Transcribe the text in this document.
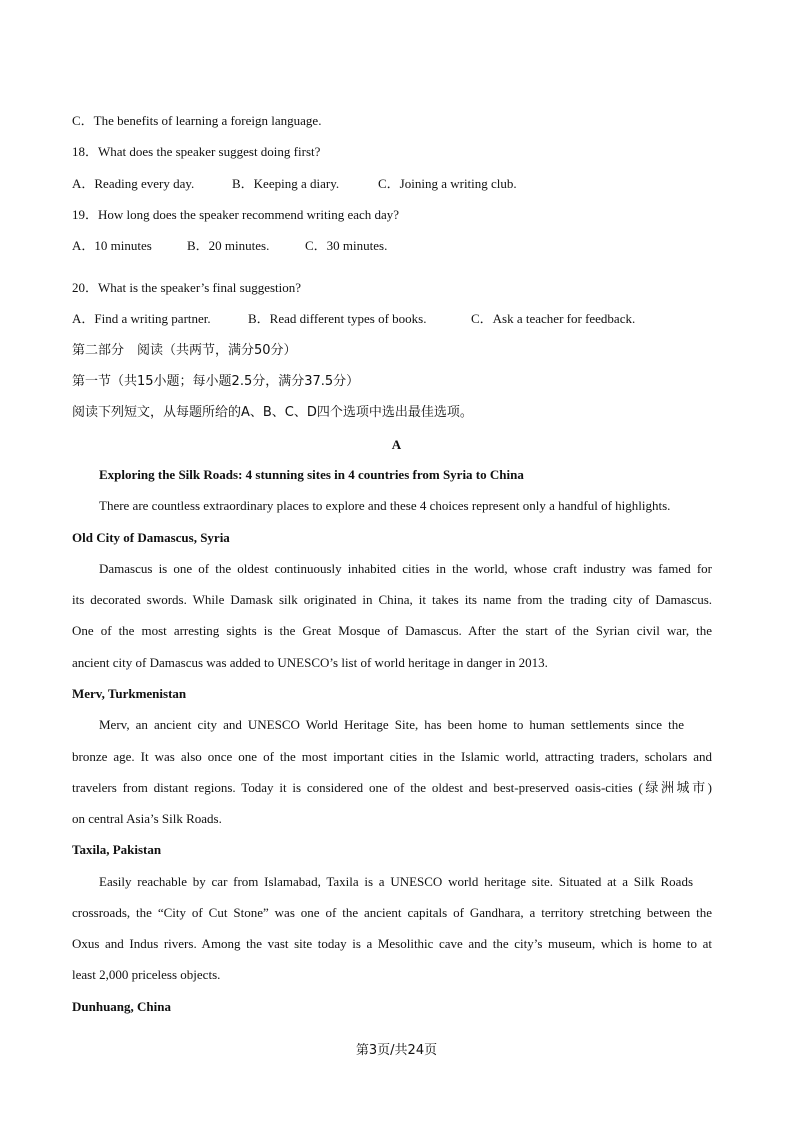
C．The benefits of learning a foreign language.
18．What does the speaker suggest doing first?
A．Reading every day.	B．Keeping a diary.	C．Joining a writing club.
19．How long does the speaker recommend writing each day?
A．10 minutes	B．20 minutes.	C．30 minutes.
20．What is the speaker’s final suggestion?
A．Find a writing partner.	B．Read different types of books.	C．Ask a teacher for feedback.
第二部分　阅读（共两节，满分50分）
第一节（共15小题；每小题2.5分，满分37.5分）
阅读下列短文，从每题所给的A、B、C、D四个选项中选出最佳选项。
A
Exploring the Silk Roads: 4 stunning sites in 4 countries from Syria to China
There are countless extraordinary places to explore and these 4 choices represent only a handful of highlights.
Old City of Damascus, Syria
Damascus is one of the oldest continuously inhabited cities in the world, whose craft industry was famed for
its decorated swords. While Damask silk originated in China, it takes its name from the trading city of Damascus.
One of the most arresting sights is the Great Mosque of Damascus. After the start of the Syrian civil war, the
ancient city of Damascus was added to UNESCO’s list of world heritage in danger in 2013.
Merv, Turkmenistan
Merv, an ancient city and UNESCO World Heritage Site, has been home to human settlements since the
bronze age. It was also once one of the most important cities in the Islamic world, attracting traders, scholars and
travelers from distant regions. Today it is considered one of the oldest and best-preserved oasis-cities (绿洲城市)
on central Asia’s Silk Roads.
Taxila, Pakistan
Easily reachable by car from Islamabad, Taxila is a UNESCO world heritage site. Situated at a Silk Roads
crossroads, the “City of Cut Stone” was one of the ancient capitals of Gandhara, a territory stretching between the
Oxus and Indus rivers. Among the vast site today is a Mesolithic cave and the city’s museum, which is home to at
least 2,000 priceless objects.
Dunhuang, China
第3页/共24页
